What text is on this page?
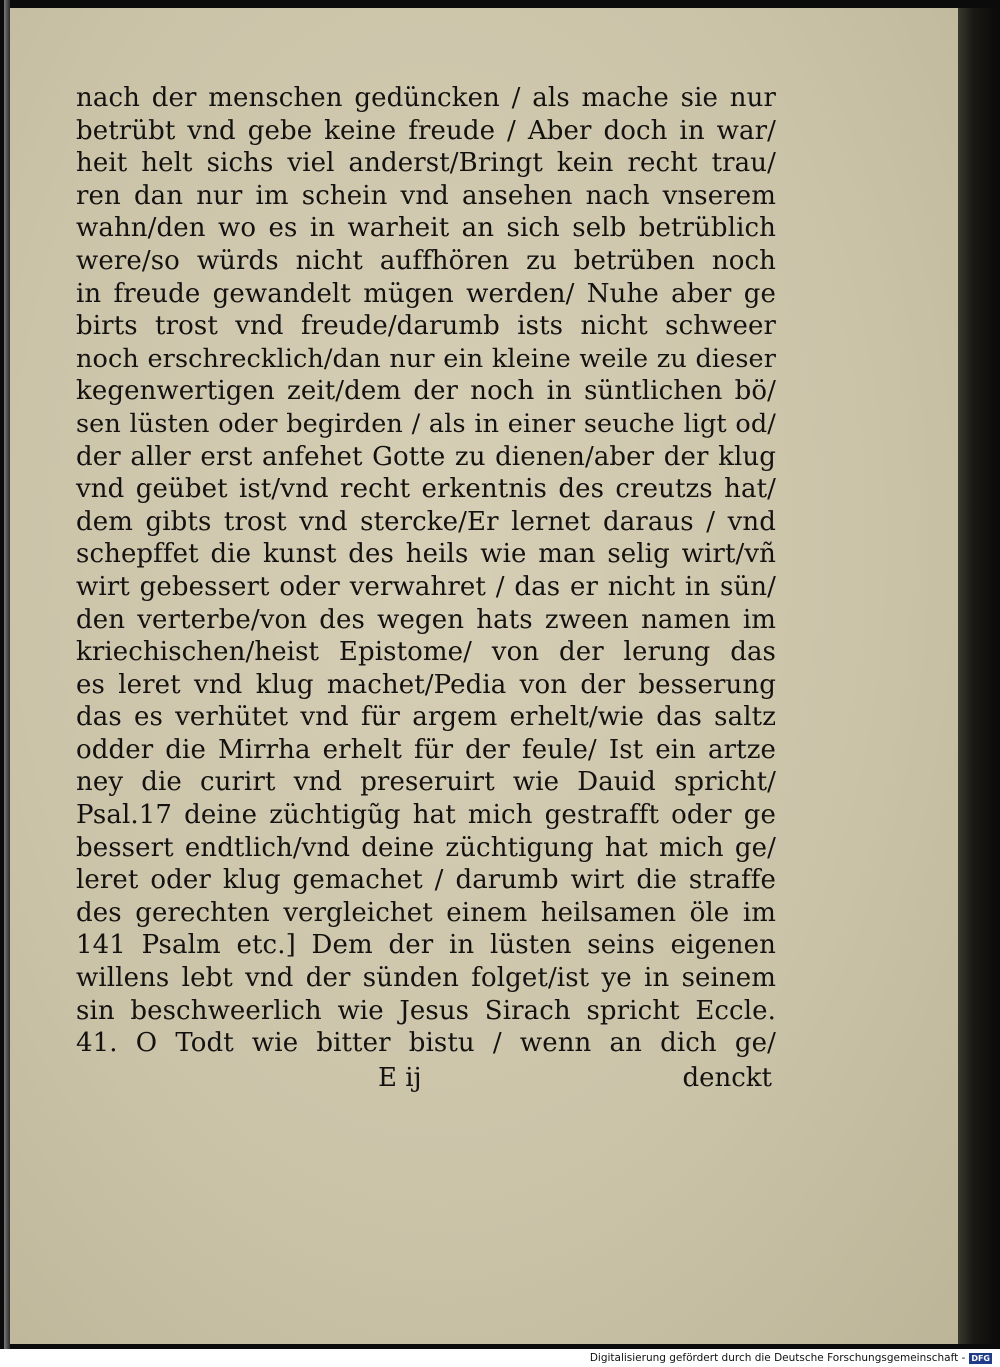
nach der menschen gedüncken / als mache sie nur
betrübt vnd gebe keine freude / Aber doch in war/
heit helt sichs viel anderst/Bringt kein recht trau/
ren dan nur im schein vnd ansehen nach vnserem
wahn/den wo es in warheit an sich selb betrüblich
were/so würds nicht auffhören zu betrüben noch
in freude gewandelt mügen werden/ Nuhe aber ge
birts trost vnd freude/darumb ists nicht schweer
noch erschrecklich/dan nur ein kleine weile zu dieser
kegenwertigen zeit/dem der noch in süntlichen bö/
sen lüsten oder begirden / als in einer seuche ligt od/
der aller erst anfehet Gotte zu dienen/aber der klug
vnd geübet ist/vnd recht erkentnis des creutzs hat/
dem gibts trost vnd stercke/Er lernet daraus / vnd
schepffet die kunst des heils wie man selig wirt/vñ
wirt gebessert oder verwahret / das er nicht in sün/
den verterbe/von des wegen hats zween namen im
kriechischen/heist Epistome/ von der lerung das
es leret vnd klug machet/Pedia von der besserung
das es verhütet vnd für argem erhelt/wie das saltz
odder die Mirrha erhelt für der feule/ Ist ein artze
ney die curirt vnd preseruirt wie Dauid spricht/
Psal.17 deine züchtigũg hat mich gestrafft oder ge
bessert endtlich/vnd deine züchtigung hat mich ge/
leret oder klug gemachet / darumb wirt die straffe
des gerechten vergleichet einem heilsamen öle im
141 Psalm etc.] Dem der in lüsten seins eigenen
willens lebt vnd der sünden folget/ist ye in seinem
sin beschweerlich wie Jesus Sirach spricht Eccle.
41. O Todt wie bitter bistu / wenn an dich ge/
E ij	denckt
Digitalisierung gefördert durch die Deutsche Forschungsgemeinschaft - DFG
